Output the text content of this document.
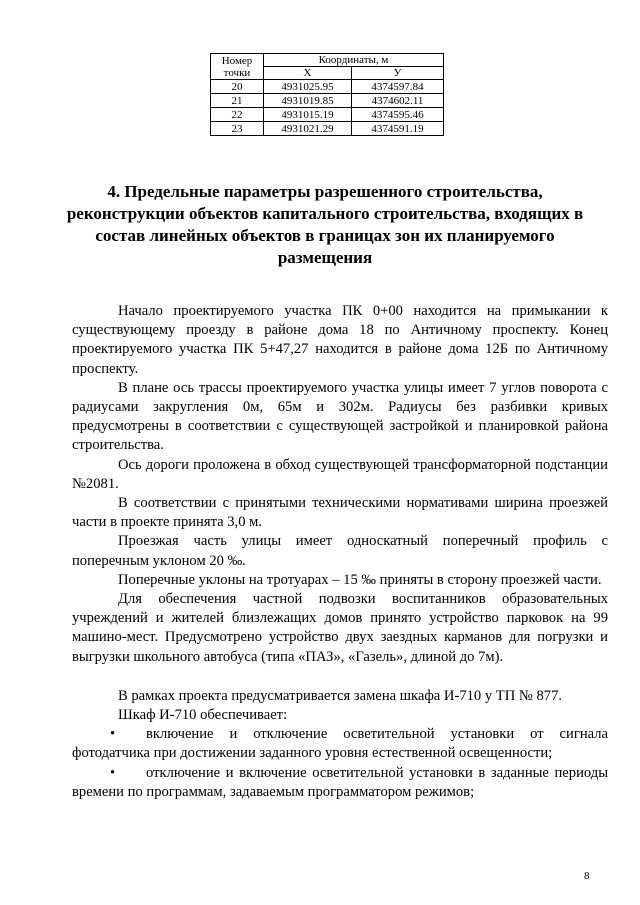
Номер точки	Координаты, м	
	X	У
20	4931025.95	4374597.84
21	4931019.85	4374602.11
22	4931015.19	4374595.46
23	4931021.29	4374591.19
4. Предельные параметры разрешенного строительства, реконструкции объектов капитального строительства, входящих в состав линейных объектов в границах зон их планируемого размещения

Начало проектируемого участка ПК 0+00 находится на примыкании к существующему проезду в районе дома 18 по Античному проспекту. Конец проектируемого участка ПК 5+47,27 находится в районе дома 12Б по Античному проспекту.

В плане ось трассы проектируемого участка улицы имеет 7 углов поворота с радиусами закругления 0м, 65м и 302м. Радиусы без разбивки кривых предусмотрены в соответствии с существующей застройкой и планировкой района строительства.

Ось дороги проложена в обход существующей трансформаторной подстанции №2081.

В соответствии с принятыми техническими нормативами ширина проезжей части в проекте принята 3,0 м.

Проезжая часть улицы имеет односкатный поперечный профиль с поперечным уклоном 20 ‰.

Поперечные уклоны на тротуарах – 15 ‰ приняты в сторону проезжей части.

Для обеспечения частной подвозки воспитанников образовательных учреждений и жителей близлежащих домов принято устройство парковок на 99 машино-мест. Предусмотрено устройство двух заездных карманов для погрузки и выгрузки школьного автобуса (типа «ПАЗ», «Газель», длиной до 7м).

В рамках проекта предусматривается замена шкафа И-710 у ТП № 877.

Шкаф И-710 обеспечивает:

• включение и отключение осветительной установки от сигнала фотодатчика при достижении заданного уровня естественной освещенности;

• отключение и включение осветительной установки в заданные периоды времени по программам, задаваемым программатором режимов;

8
